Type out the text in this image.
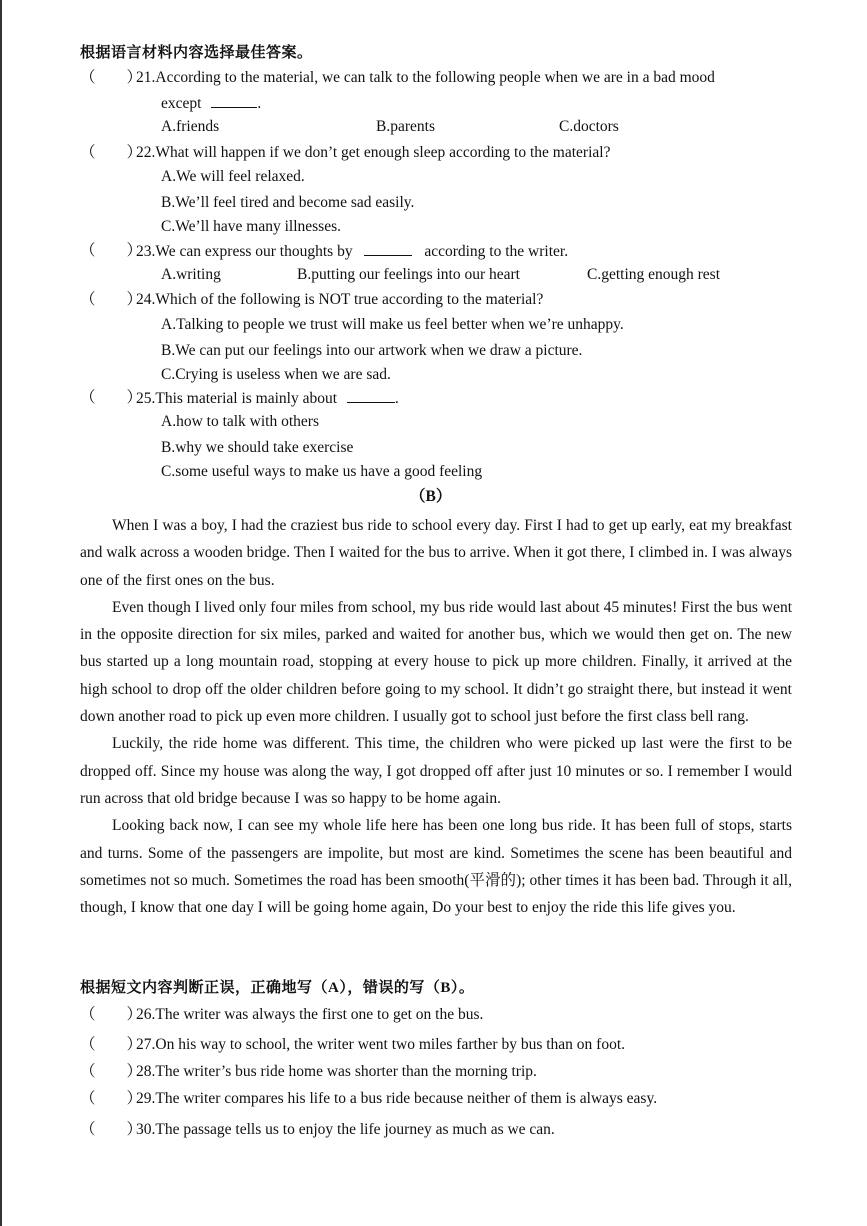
根据语言材料内容选择最佳答案。
（　　）
21.According to the material, we can talk to the following people when we are in a bad mood
except	.
A.friends	B.parents	C.doctors
（　　）
22.What will happen if we don’t get enough sleep according to the material?
A.We will feel relaxed.
B.We’ll feel tired and become sad easily.
C.We’ll have many illnesses.
（　　）
23.We can express our thoughts by	according to the writer.
A.writing	B.putting our feelings into our heart	C.getting enough rest
（　　）
24.Which of the following is NOT true according to the material?
A.Talking to people we trust will make us feel better when we’re unhappy.
B.We can put our feelings into our artwork when we draw a picture.
C.Crying is useless when we are sad.
（　　）
25.This material is mainly about	.
A.how to talk with others
B.why we should take exercise
C.some useful ways to make us have a good feeling
（B）

When I was a boy, I had the craziest bus ride to school every day. First I had to get up early, eat my breakfast and walk across a wooden bridge. Then I waited for the bus to arrive. When it got there, I climbed in. I was always one of the first ones on the bus.

Even though I lived only four miles from school, my bus ride would last about 45 minutes! First the bus went in the opposite direction for six miles, parked and waited for another bus, which we would then get on. The new bus started up a long mountain road, stopping at every house to pick up more children. Finally, it arrived at the high school to drop off the older children before going to my school. It didn’t go straight there, but instead it went down another road to pick up even more children. I usually got to school just before the first class bell rang.

Luckily, the ride home was different. This time, the children who were picked up last were the first to be dropped off. Since my house was along the way, I got dropped off after just 10 minutes or so. I remember I would run across that old bridge because I was so happy to be home again.

Looking back now, I can see my whole life here has been one long bus ride. It has been full of stops, starts and turns. Some of the passengers are impolite, but most are kind. Sometimes the scene has been beautiful and sometimes not so much. Sometimes the road has been smooth(平滑的); other times it has been bad. Through it all, though, I know that one day I will be going home again, Do your best to enjoy the ride this life gives you.

根据短文内容判断正误，正确地写（A），错误的写（B）。
（　　）
26.The writer was always the first one to get on the bus.
（　　）
27.On his way to school, the writer went two miles farther by bus than on foot.
（　　）
28.The writer’s bus ride home was shorter than the morning trip.
（　　）
29.The writer compares his life to a bus ride because neither of them is always easy.
（　　）
30.The passage tells us to enjoy the life journey as much as we can.
